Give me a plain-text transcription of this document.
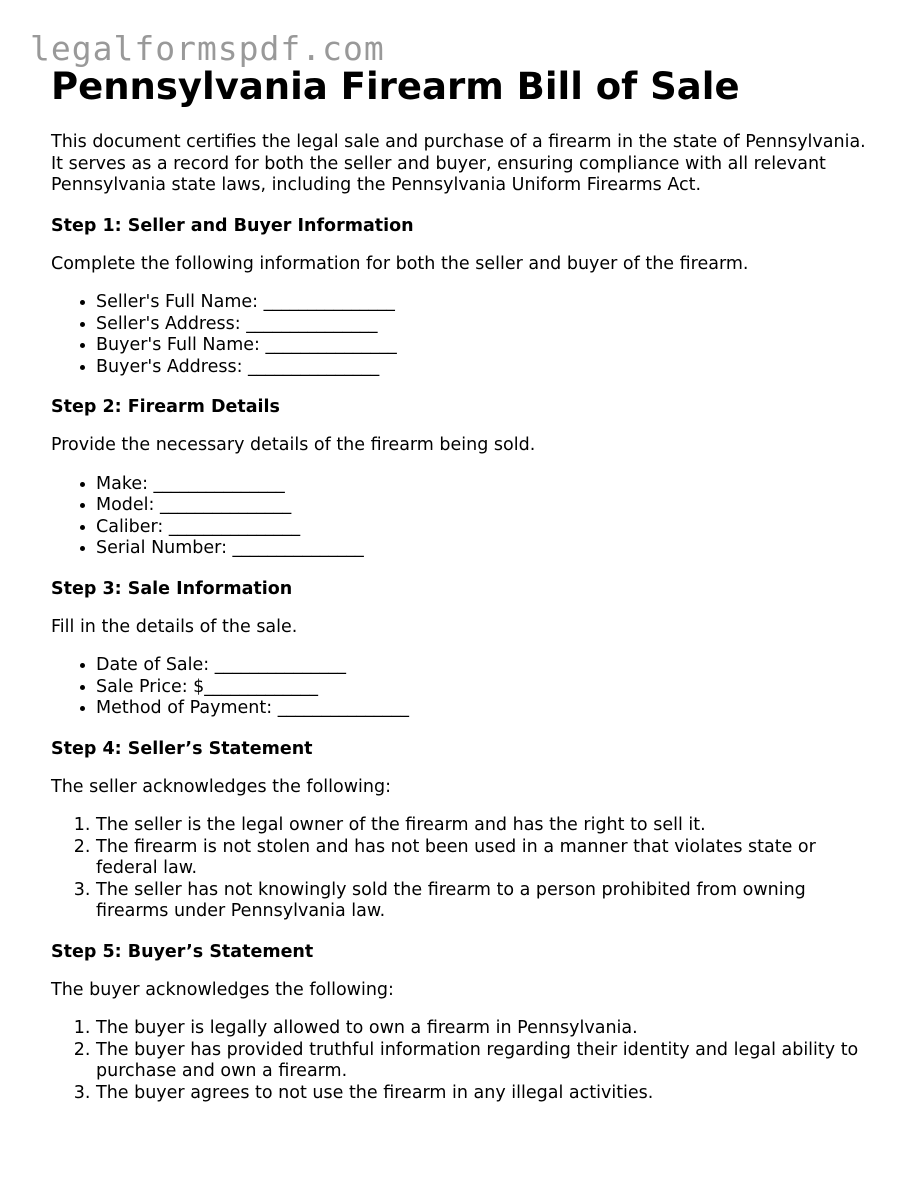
legalformspdf.com
Pennsylvania Firearm Bill of Sale

This document certifies the legal sale and purchase of a firearm in the state of Pennsylvania. It serves as a record for both the seller and buyer, ensuring compliance with all relevant Pennsylvania state laws, including the Pennsylvania Uniform Firearms Act.

Step 1: Seller and Buyer Information

Complete the following information for both the seller and buyer of the firearm.

• Seller's Full Name: _______________
• Seller's Address: _______________
• Buyer's Full Name: _______________
• Buyer's Address: _______________
Step 2: Firearm Details

Provide the necessary details of the firearm being sold.

• Make: _______________
• Model: _______________
• Caliber: _______________
• Serial Number: _______________
Step 3: Sale Information

Fill in the details of the sale.

• Date of Sale: _______________
• Sale Price: $_____________
• Method of Payment: _______________
Step 4: Seller’s Statement

The seller acknowledges the following:

1. The seller is the legal owner of the firearm and has the right to sell it.
2. The firearm is not stolen and has not been used in a manner that violates state or federal law.
3. The seller has not knowingly sold the firearm to a person prohibited from owning firearms under Pennsylvania law.
Step 5: Buyer’s Statement

The buyer acknowledges the following:

1. The buyer is legally allowed to own a firearm in Pennsylvania.
2. The buyer has provided truthful information regarding their identity and legal ability to purchase and own a firearm.
3. The buyer agrees to not use the firearm in any illegal activities.
